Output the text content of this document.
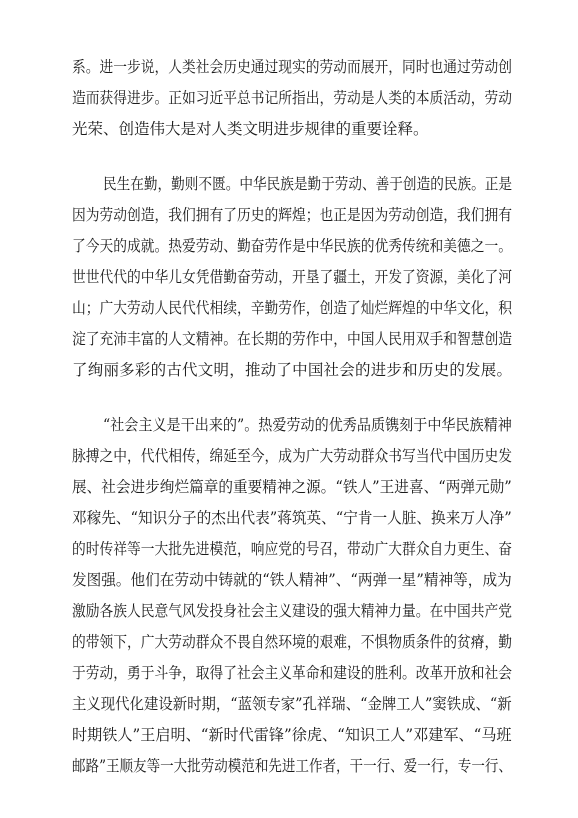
系。进一步说，人类社会历史通过现实的劳动而展开，同时也通过劳动创
造而获得进步。正如习近平总书记所指出，劳动是人类的本质活动，劳动
光荣、创造伟大是对人类文明进步规律的重要诠释。
民生在勤，勤则不匮。中华民族是勤于劳动、善于创造的民族。正是
因为劳动创造，我们拥有了历史的辉煌；也正是因为劳动创造，我们拥有
了今天的成就。热爱劳动、勤奋劳作是中华民族的优秀传统和美德之一。
世世代代的中华儿女凭借勤奋劳动，开垦了疆土，开发了资源，美化了河
山；广大劳动人民代代相续，辛勤劳作，创造了灿烂辉煌的中华文化，积
淀了充沛丰富的人文精神。在长期的劳作中，中国人民用双手和智慧创造
了绚丽多彩的古代文明，推动了中国社会的进步和历史的发展。
“社会主义是干出来的”。热爱劳动的优秀品质镌刻于中华民族精神
脉搏之中，代代相传，绵延至今，成为广大劳动群众书写当代中国历史发
展、社会进步绚烂篇章的重要精神之源。“铁人”王进喜、“两弹元勋”
邓稼先、“知识分子的杰出代表”蒋筑英、“宁肯一人脏、换来万人净”
的时传祥等一大批先进模范，响应党的号召，带动广大群众自力更生、奋
发图强。他们在劳动中铸就的“铁人精神”、“两弹一星”精神等，成为
激励各族人民意气风发投身社会主义建设的强大精神力量。在中国共产党
的带领下，广大劳动群众不畏自然环境的艰难，不惧物质条件的贫瘠，勤
于劳动，勇于斗争，取得了社会主义革命和建设的胜利。改革开放和社会
主义现代化建设新时期，“蓝领专家”孔祥瑞、“金牌工人”窦铁成、“新
时期铁人”王启明、“新时代雷锋”徐虎、“知识工人”邓建军、“马班
邮路”王顺友等一大批劳动模范和先进工作者，干一行、爱一行，专一行、
